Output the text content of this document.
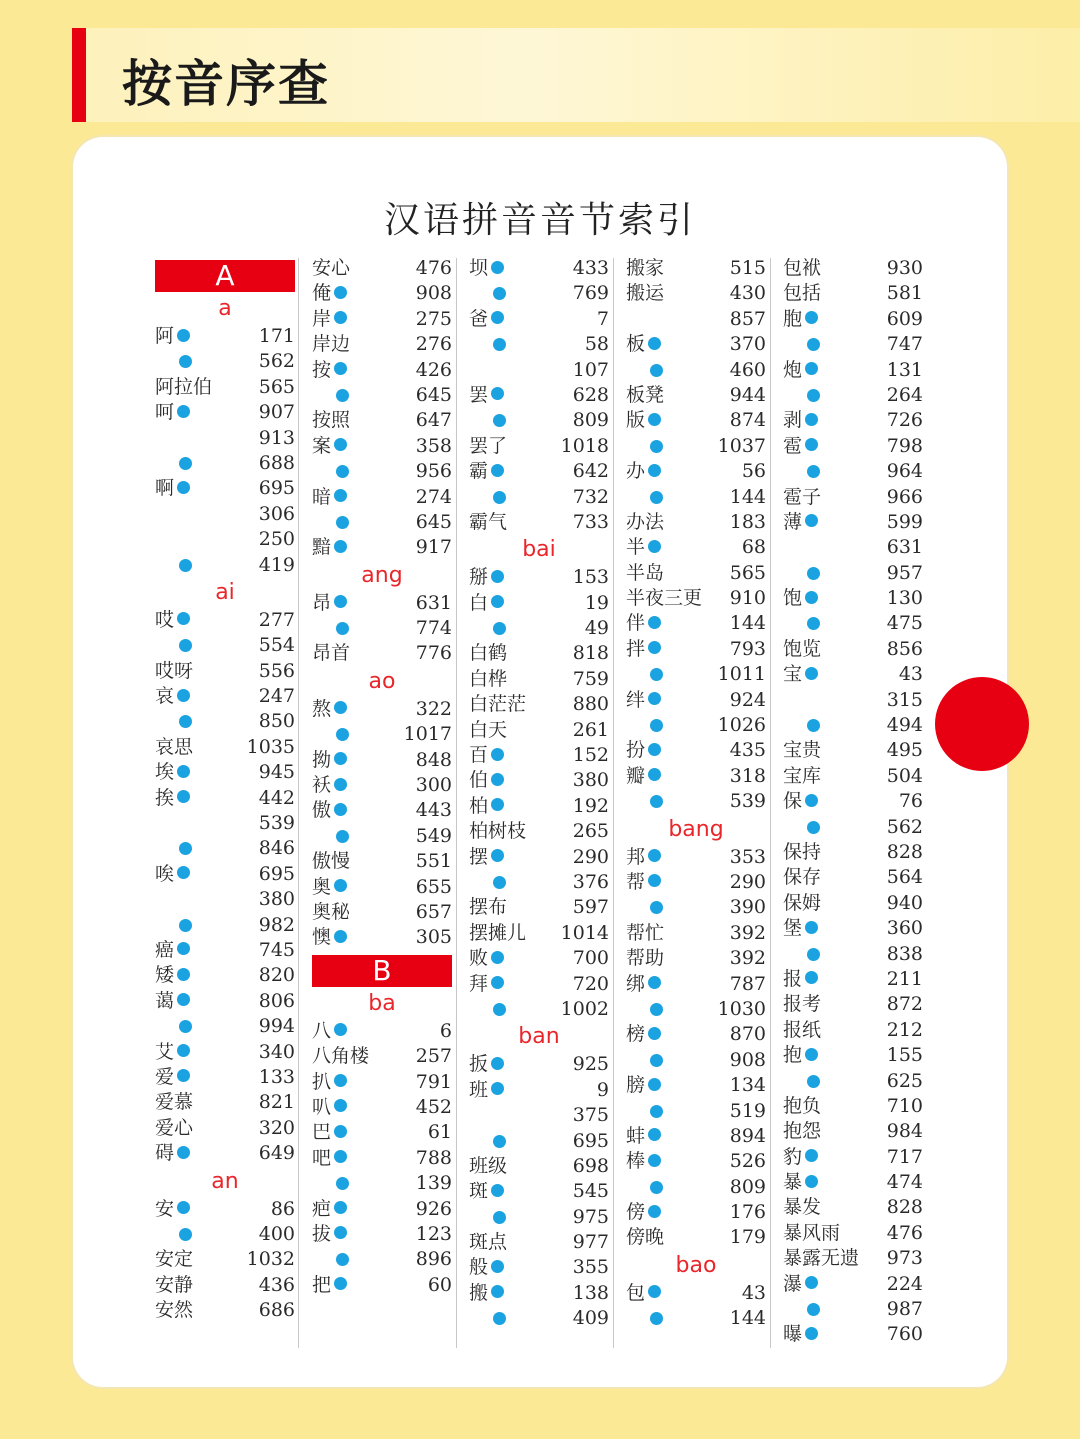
按音序查
汉语拼音音节索引
A
a
阿	171
562
阿拉伯 565
呵	907
913
688
啊	695
306
250
419
ai
哎	277
554
哎呀	556
哀	247
850
哀思	1035
埃	945
挨	442
539
846
唉	695
380
982
癌	745
矮	820
蔼	806
994
艾	340
爱	133
爱慕	821
爱心	320
碍	649
an
安	86
400
安定	1032
安静	436
安然	686
安心	476
俺	908
岸	275
岸边	276
按	426
645
按照	647
案	358
956
暗	274
645
黯	917
ang
昂	631
774
昂首	776
ao
熬	322
1017
拗	848
袄	300
傲	443
549
傲慢	551
奥	655
奥秘	657
懊	305
B
ba
八	6
八角楼 257
扒	791
叭	452
巴	61
吧	788
139
疤	926
拔	123
896
把	60
坝	433
769
爸	7
58
107
罢	628
809
罢了	1018
霸	642
732
霸气	733
bai
掰	153
白	19
49
白鹤	818
白桦	759
白茫茫 880
白天	261
百	152
伯	380
柏	192
柏树枝 265
摆	290
376
摆布	597
摆摊儿 1014
败	700
拜	720
1002
ban
扳	925
班	9
375
695
班级	698
斑	545
975
斑点	977
般	355
搬	138
409
搬家	515
搬运	430
857
板	370
460
板凳	944
版	874
1037
办	56
144
办法	183
半	68
半岛	565
半夜三更 910
伴	144
拌	793
1011
绊	924
1026
扮	435
瓣	318
539
bang
邦	353
帮	290
390
帮忙	392
帮助	392
绑	787
1030
榜	870
908
膀	134
519
蚌	894
棒	526
809
傍	176
傍晚	179
bao
包	43
144
包袱	930
包括	581
胞	609
747
炮	131
264
剥	726
雹	798
964
雹子	966
薄	599
631
957
饱	130
475
饱览	856
宝	43
315
494
宝贵	495
宝库	504
保	76
562
保持	828
保存	564
保姆	940
堡	360
838
报	211
报考	872
报纸	212
抱	155
625
抱负	710
抱怨	984
豹	717
暴	474
暴发	828
暴风雨 476
暴露无遗 973
瀑	224
987
曝	760
